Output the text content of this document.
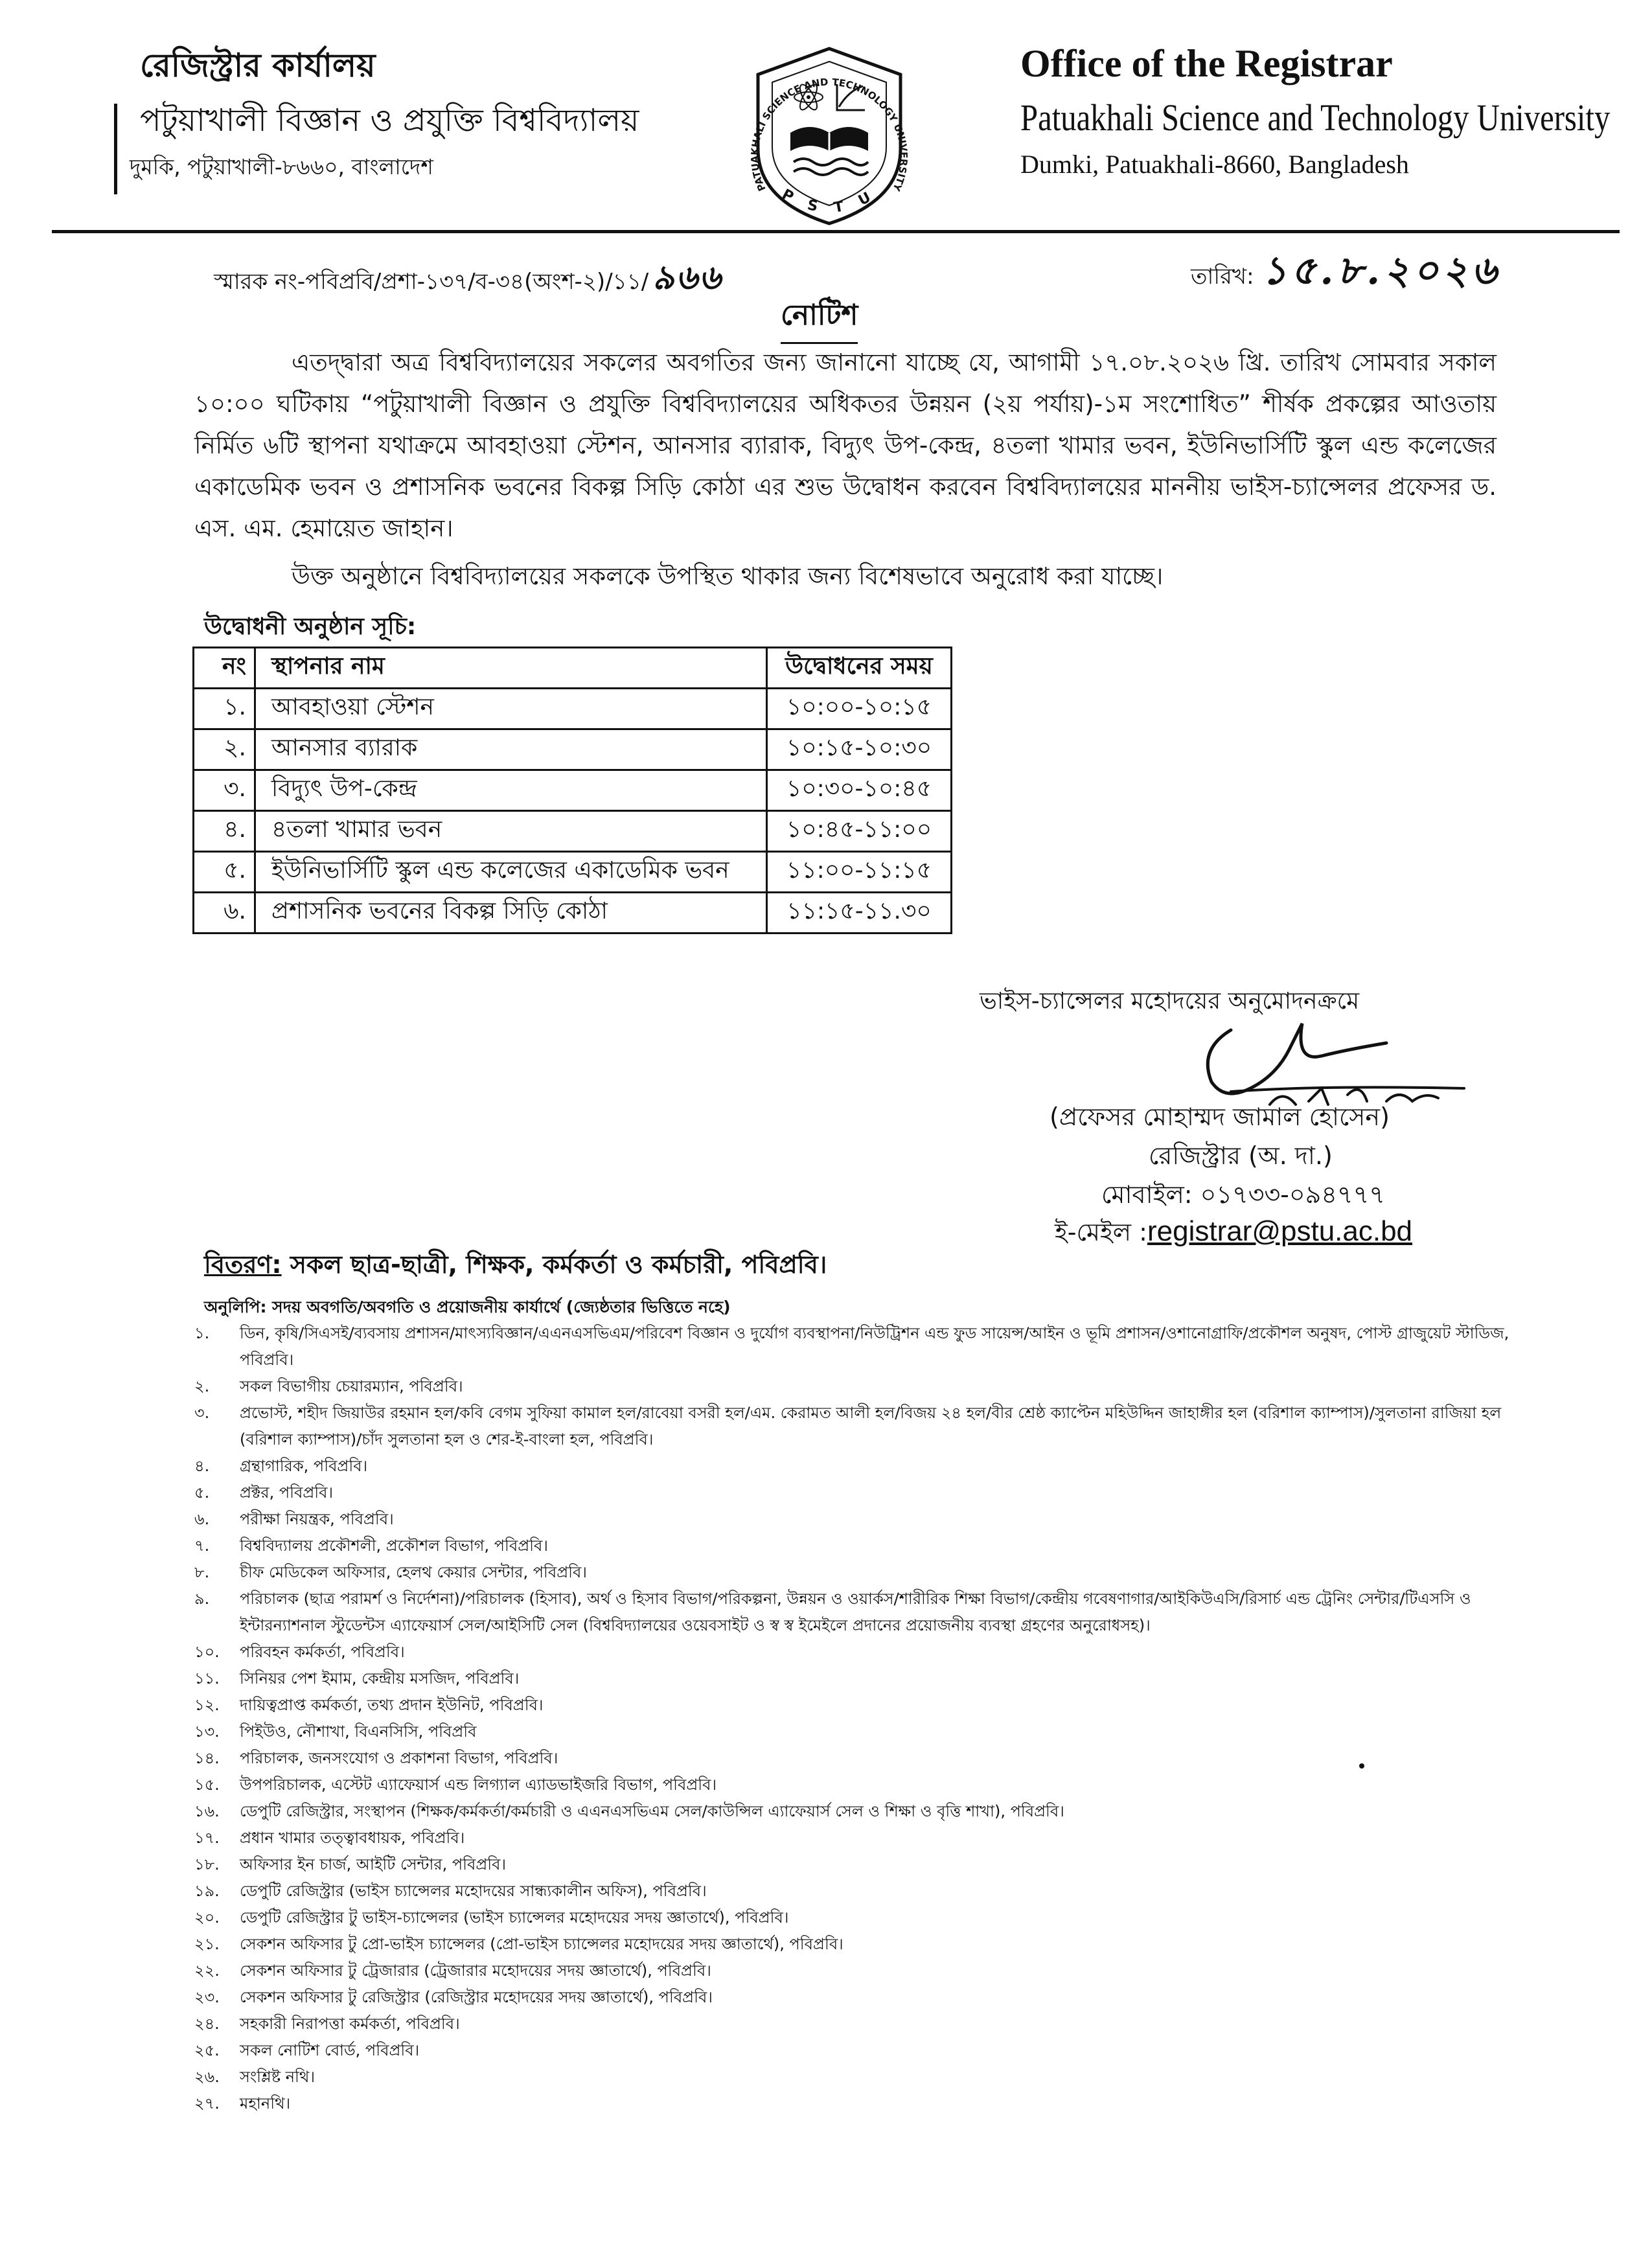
রেজিস্ট্রার কার্যালয়
পটুয়াখালী বিজ্ঞান ও প্রযুক্তি বিশ্ববিদ্যালয়
দুমকি, পটুয়াখালী-৮৬৬০, বাংলাদেশ
PATUAKHALI SCIENCE AND TECHNOLOGY UNIVERSITY
P S T U
Office of the Registrar
Patuakhali Science and Technology University
Dumki, Patuakhali-8660, Bangladesh
স্মারক নং-পবিপ্রবি/প্রশা-১৩৭/ব-৩৪(অংশ-২)/১১/ ৯৬৬	তারিখ: ১৫.৮.২০২৬
নোটিশ

এতদ্দ্বারা অত্র বিশ্ববিদ্যালয়ের সকলের অবগতির জন্য জানানো যাচ্ছে যে, আগামী ১৭.০৮.২০২৬ খ্রি. তারিখ সোমবার সকাল ১০:০০ ঘটিকায় “পটুয়াখালী বিজ্ঞান ও প্রযুক্তি বিশ্ববিদ্যালয়ের অধিকতর উন্নয়ন (২য় পর্যায়)-১ম সংশোধিত” শীর্ষক প্রকল্পের আওতায় নির্মিত ৬টি স্থাপনা যথাক্রমে আবহাওয়া স্টেশন, আনসার ব্যারাক, বিদ্যুৎ উপ-কেন্দ্র, ৪তলা খামার ভবন, ইউনিভার্সিটি স্কুল এন্ড কলেজের একাডেমিক ভবন ও প্রশাসনিক ভবনের বিকল্প সিড়ি কোঠা এর শুভ উদ্বোধন করবেন বিশ্ববিদ্যালয়ের মাননীয় ভাইস-চ্যান্সেলর প্রফেসর ড. এস. এম. হেমায়েত জাহান।

উক্ত অনুষ্ঠানে বিশ্ববিদ্যালয়ের সকলকে উপস্থিত থাকার জন্য বিশেষভাবে অনুরোধ করা যাচ্ছে।

উদ্বোধনী অনুষ্ঠান সূচি:
নং	স্থাপনার নাম	উদ্বোধনের সময়
১.	আবহাওয়া স্টেশন	১০:০০-১০:১৫
২.	আনসার ব্যারাক	১০:১৫-১০:৩০
৩.	বিদ্যুৎ উপ-কেন্দ্র	১০:৩০-১০:৪৫
৪.	৪তলা খামার ভবন	১০:৪৫-১১:০০
৫.	ইউনিভার্সিটি স্কুল এন্ড কলেজের একাডেমিক ভবন	১১:০০-১১:১৫
৬.	প্রশাসনিক ভবনের বিকল্প সিড়ি কোঠা	১১:১৫-১১.৩০
ভাইস-চ্যান্সেলর মহোদয়ের অনুমোদনক্রমে
(প্রফেসর মোহাম্মদ জামাল হোসেন)
রেজিস্ট্রার (অ. দা.)
মোবাইল: ০১৭৩৩-০৯৪৭৭৭
ই-মেইল :registrar@pstu.ac.bd
বিতরণ: সকল ছাত্র-ছাত্রী, শিক্ষক, কর্মকর্তা ও কর্মচারী, পবিপ্রবি।
অনুলিপি: সদয় অবগতি/অবগতি ও প্রয়োজনীয় কার্যার্থে (জ্যেষ্ঠতার ভিত্তিতে নহে)
১.	ডিন, কৃষি/সিএসই/ব্যবসায় প্রশাসন/মাৎস্যবিজ্ঞান/এএনএসভিএম/পরিবেশ বিজ্ঞান ও দুর্যোগ ব্যবস্থাপনা/নিউট্রিশন এন্ড ফুড সায়েন্স/আইন ও ভূমি প্রশাসন/ওশানোগ্রাফি/প্রকৌশল অনুষদ, পোস্ট গ্রাজুয়েট স্টাডিজ, পবিপ্রবি।
২.	সকল বিভাগীয় চেয়ারম্যান, পবিপ্রবি।
৩.	প্রভোস্ট, শহীদ জিয়াউর রহমান হল/কবি বেগম সুফিয়া কামাল হল/রাবেয়া বসরী হল/এম. কেরামত আলী হল/বিজয় ২৪ হল/বীর শ্রেষ্ঠ ক্যাপ্টেন মহিউদ্দিন জাহাঙ্গীর হল (বরিশাল ক্যাম্পাস)/সুলতানা রাজিয়া হল (বরিশাল ক্যাম্পাস)/চাঁদ সুলতানা হল ও শের-ই-বাংলা হল, পবিপ্রবি।
৪.	গ্রন্থাগারিক, পবিপ্রবি।
৫.	প্রক্টর, পবিপ্রবি।
৬.	পরীক্ষা নিয়ন্ত্রক, পবিপ্রবি।
৭.	বিশ্ববিদ্যালয় প্রকৌশলী, প্রকৌশল বিভাগ, পবিপ্রবি।
৮.	চীফ মেডিকেল অফিসার, হেলথ কেয়ার সেন্টার, পবিপ্রবি।
৯.	পরিচালক (ছাত্র পরামর্শ ও নির্দেশনা)/পরিচালক (হিসাব), অর্থ ও হিসাব বিভাগ/পরিকল্পনা, উন্নয়ন ও ওয়ার্কস/শারীরিক শিক্ষা বিভাগ/কেন্দ্রীয় গবেষণাগার/আইকিউএসি/রিসার্চ এন্ড ট্রেনিং সেন্টার/টিএসসি ও ইন্টারন্যাশনাল স্টুডেন্টস এ্যাফেয়ার্স সেল/আইসিটি সেল (বিশ্ববিদ্যালয়ের ওয়েবসাইট ও স্ব স্ব ইমেইলে প্রদানের প্রয়োজনীয় ব্যবস্থা গ্রহণের অনুরোধসহ)।
১০.	পরিবহন কর্মকর্তা, পবিপ্রবি।
১১.	সিনিয়র পেশ ইমাম, কেন্দ্রীয় মসজিদ, পবিপ্রবি।
১২.	দায়িত্বপ্রাপ্ত কর্মকর্তা, তথ্য প্রদান ইউনিট, পবিপ্রবি।
১৩.	পিইউও, নৌশাখা, বিএনসিসি, পবিপ্রবি
১৪.	পরিচালক, জনসংযোগ ও প্রকাশনা বিভাগ, পবিপ্রবি।
১৫.	উপপরিচালক, এস্টেট এ্যাফেয়ার্স এন্ড লিগ্যাল এ্যাডভাইজরি বিভাগ, পবিপ্রবি।
১৬.	ডেপুটি রেজিস্ট্রার, সংস্থাপন (শিক্ষক/কর্মকর্তা/কর্মচারী ও এএনএসভিএম সেল/কাউন্সিল এ্যাফেয়ার্স সেল ও শিক্ষা ও বৃত্তি শাখা), পবিপ্রবি।
১৭.	প্রধান খামার তত্ত্বাবধায়ক, পবিপ্রবি।
১৮.	অফিসার ইন চার্জ, আইটি সেন্টার, পবিপ্রবি।
১৯.	ডেপুটি রেজিস্ট্রার (ভাইস চ্যান্সেলর মহোদয়ের সান্ধ্যকালীন অফিস), পবিপ্রবি।
২০.	ডেপুটি রেজিস্ট্রার টু ভাইস-চ্যান্সেলর (ভাইস চ্যান্সেলর মহোদয়ের সদয় জ্ঞাতার্থে), পবিপ্রবি।
২১.	সেকশন অফিসার টু প্রো-ভাইস চ্যান্সেলর (প্রো-ভাইস চ্যান্সেলর মহোদয়ের সদয় জ্ঞাতার্থে), পবিপ্রবি।
২২.	সেকশন অফিসার টু ট্রেজারার (ট্রেজারার মহোদয়ের সদয় জ্ঞাতার্থে), পবিপ্রবি।
২৩.	সেকশন অফিসার টু রেজিস্ট্রার (রেজিস্ট্রার মহোদয়ের সদয় জ্ঞাতার্থে), পবিপ্রবি।
২৪.	সহকারী নিরাপত্তা কর্মকর্তা, পবিপ্রবি।
২৫.	সকল নোটিশ বোর্ড, পবিপ্রবি।
২৬.	সংশ্লিষ্ট নথি।
২৭.	মহানথি।
